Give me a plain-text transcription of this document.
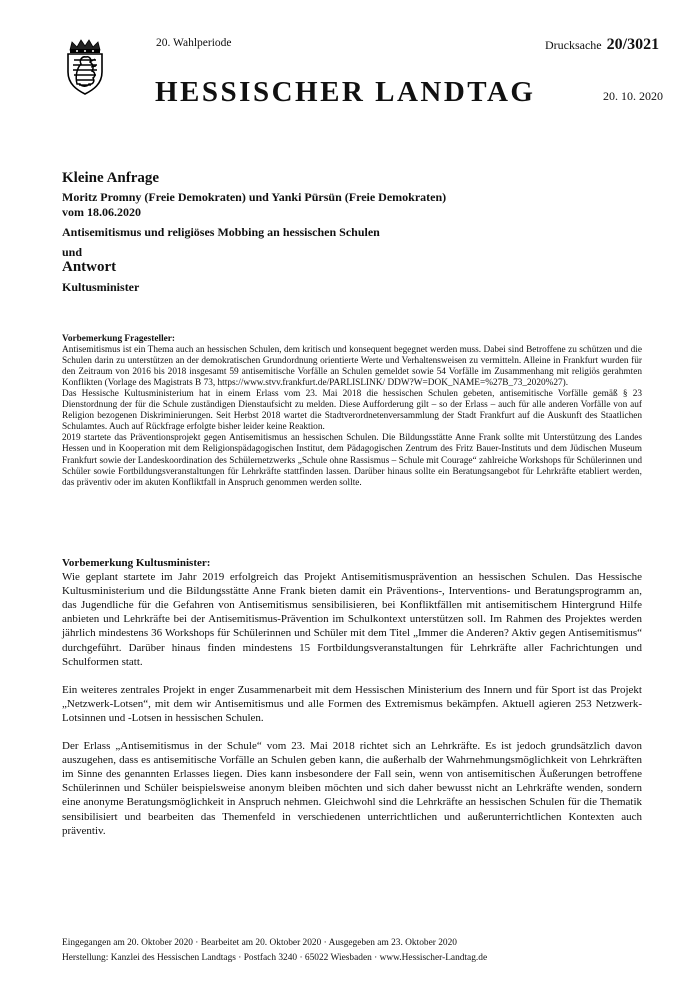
20. Wahlperiode	Drucksache 20/3021
HESSISCHER LANDTAG	20. 10. 2020
Kleine Anfrage
Moritz Promny (Freie Demokraten) und Yanki Pürsün (Freie Demokraten)
vom 18.06.2020
Antisemitismus und religiöses Mobbing an hessischen Schulen
und
Antwort
Kultusminister

Vorbemerkung Fragesteller:

Antisemitismus ist ein Thema auch an hessischen Schulen, dem kritisch und konsequent begegnet werden muss. Dabei sind Betroffene zu schützen und die Schulen darin zu unterstützen an der demokratischen Grundordnung orientierte Werte und Verhaltensweisen zu vermitteln. Alleine in Frankfurt wurden für den Zeitraum von 2016 bis 2018 insgesamt 59 antisemitische Vorfälle an Schulen gemeldet sowie 54 Vorfälle im Zusammenhang mit religiös gerahmten Konflikten (Vorlage des Magistrats B 73, https://www.stvv.frankfurt.de/PARLISLINK/ DDW?W=DOK_NAME=%27B_73_2020%27).

Das Hessische Kultusministerium hat in einem Erlass vom 23. Mai 2018 die hessischen Schulen gebeten, antisemitische Vorfälle gemäß § 23 Dienstordnung der für die Schule zuständigen Dienstaufsicht zu melden. Diese Aufforderung gilt – so der Erlass – auch für alle anderen Vorfälle von auf Religion bezogenen Diskriminierungen. Seit Herbst 2018 wartet die Stadtverordnetenversammlung der Stadt Frankfurt auf die Auskunft des Staatlichen Schulamtes. Auch auf Rückfrage erfolgte bisher leider keine Reaktion.

2019 startete das Präventionsprojekt gegen Antisemitismus an hessischen Schulen. Die Bildungsstätte Anne Frank sollte mit Unterstützung des Landes Hessen und in Kooperation mit dem Religionspädagogischen Institut, dem Pädagogischen Zentrum des Fritz Bauer-Instituts und dem Jüdischen Museum Frankfurt sowie der Landeskoordination des Schülernetzwerks „Schule ohne Rassismus – Schule mit Courage“ zahlreiche Workshops für Schülerinnen und Schüler sowie Fortbildungsveranstaltungen für Lehrkräfte stattfinden lassen. Darüber hinaus sollte ein Beratungsangebot für Lehrkräfte etabliert werden, das präventiv oder im akuten Konfliktfall in Anspruch genommen werden sollte.

Vorbemerkung Kultusminister:

Wie geplant startete im Jahr 2019 erfolgreich das Projekt Antisemitismusprävention an hessischen Schulen. Das Hessische Kultusministerium und die Bildungsstätte Anne Frank bieten damit ein Präventions-, Interventions- und Beratungsprogramm an, das Jugendliche für die Gefahren von Antisemitismus sensibilisieren, bei Konfliktfällen mit antisemitischem Hintergrund Hilfe anbieten und Lehrkräfte bei der Antisemitismus-Prävention im Schulkontext unterstützen soll. Im Rahmen des Projektes werden jährlich mindestens 36 Workshops für Schülerinnen und Schüler mit dem Titel „Immer die Anderen? Aktiv gegen Antisemitismus“ durchgeführt. Darüber hinaus finden mindestens 15 Fortbildungsveranstaltungen für Lehrkräfte aller Fachrichtungen und Schulformen statt.

Ein weiteres zentrales Projekt in enger Zusammenarbeit mit dem Hessischen Ministerium des Innern und für Sport ist das Projekt „Netzwerk-Lotsen“, mit dem wir Antisemitismus und alle Formen des Extremismus bekämpfen. Aktuell agieren 253 Netzwerk-Lotsinnen und -Lotsen in hessischen Schulen.

Der Erlass „Antisemitismus in der Schule“ vom 23. Mai 2018 richtet sich an Lehrkräfte. Es ist jedoch grundsätzlich davon auszugehen, dass es antisemitische Vorfälle an Schulen geben kann, die außerhalb der Wahrnehmungsmöglichkeit von Lehrkräften im Sinne des genannten Erlasses liegen. Dies kann insbesondere der Fall sein, wenn von antisemitischen Äußerungen betroffene Schülerinnen und Schüler beispielsweise anonym bleiben möchten und sich daher bewusst nicht an Lehrkräfte wenden, sondern eine anonyme Beratungsmöglichkeit in Anspruch nehmen. Gleichwohl sind die Lehrkräfte an hessischen Schulen für die Thematik sensibilisiert und bearbeiten das Themenfeld in verschiedenen unterrichtlichen und außerunterrichtlichen Kontexten auch präventiv.

Eingegangen am 20. Oktober 2020 · Bearbeitet am 20. Oktober 2020 · Ausgegeben am 23. Oktober 2020
Herstellung: Kanzlei des Hessischen Landtags · Postfach 3240 · 65022 Wiesbaden · www.Hessischer-Landtag.de
